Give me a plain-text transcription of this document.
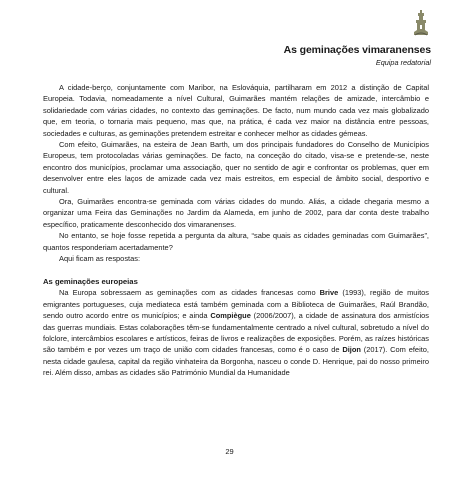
As geminações vimaranenses
Equipa redatorial

A cidade-berço, conjuntamente com Maribor, na Eslováquia, partilharam em 2012 a distinção de Capital Europeia. Todavia, nomeadamente a nível Cultural, Guimarães mantém relações de amizade, intercâmbio e solidariedade com várias cidades, no contexto das geminações. De facto, num mundo cada vez mais globalizado que, em teoria, o tornaria mais pequeno, mas que, na prática, é cada vez maior na distância entre pessoas, sociedades e culturas, as geminações pretendem estreitar e conhecer melhor as cidades gémeas.

Com efeito, Guimarães, na esteira de Jean Barth, um dos principais fundadores do Conselho de Municípios Europeus, tem protocoladas várias geminações. De facto, na conceção do citado, visa-se e pretende-se, neste encontro dos municípios, proclamar uma associação, quer no sentido de agir e confrontar os problemas, quer em desenvolver entre eles laços de amizade cada vez mais estreitos, em especial de âmbito social, desportivo e cultural.

Ora, Guimarães encontra-se geminada com várias cidades do mundo. Aliás, a cidade chegaria mesmo a organizar uma Feira das Geminações no Jardim da Alameda, em junho de 2002, para dar conta deste trabalho específico, praticamente desconhecido dos vimaranenses.

No entanto, se hoje fosse repetida a pergunta da altura, “sabe quais as cidades geminadas com Guimarães”, quantos responderiam acertadamente?

Aqui ficam as respostas:

As geminações europeias

Na Europa sobressaem as geminações com as cidades francesas como Brive (1993), região de muitos emigrantes portugueses, cuja mediateca está também geminada com a Biblioteca de Guimarães, Raúl Brandão, sendo outro acordo entre os municípios; e ainda Compiègue (2006/2007), a cidade de assinatura dos armistícios das guerras mundiais. Estas colaborações têm-se fundamentalmente centrado a nível cultural, sobretudo a nível do folclore, intercâmbios escolares e artísticos, feiras de livros e realizações de exposições. Porém, as raízes históricas são também e por vezes um traço de união com cidades francesas, como é o caso de Dijon (2017). Com efeito, nesta cidade gaulesa, capital da região vinhateira da Borgonha, nasceu o conde D. Henrique, pai do nosso primeiro rei. Além disso, ambas as cidades são Património Mundial da Humanidade

29
